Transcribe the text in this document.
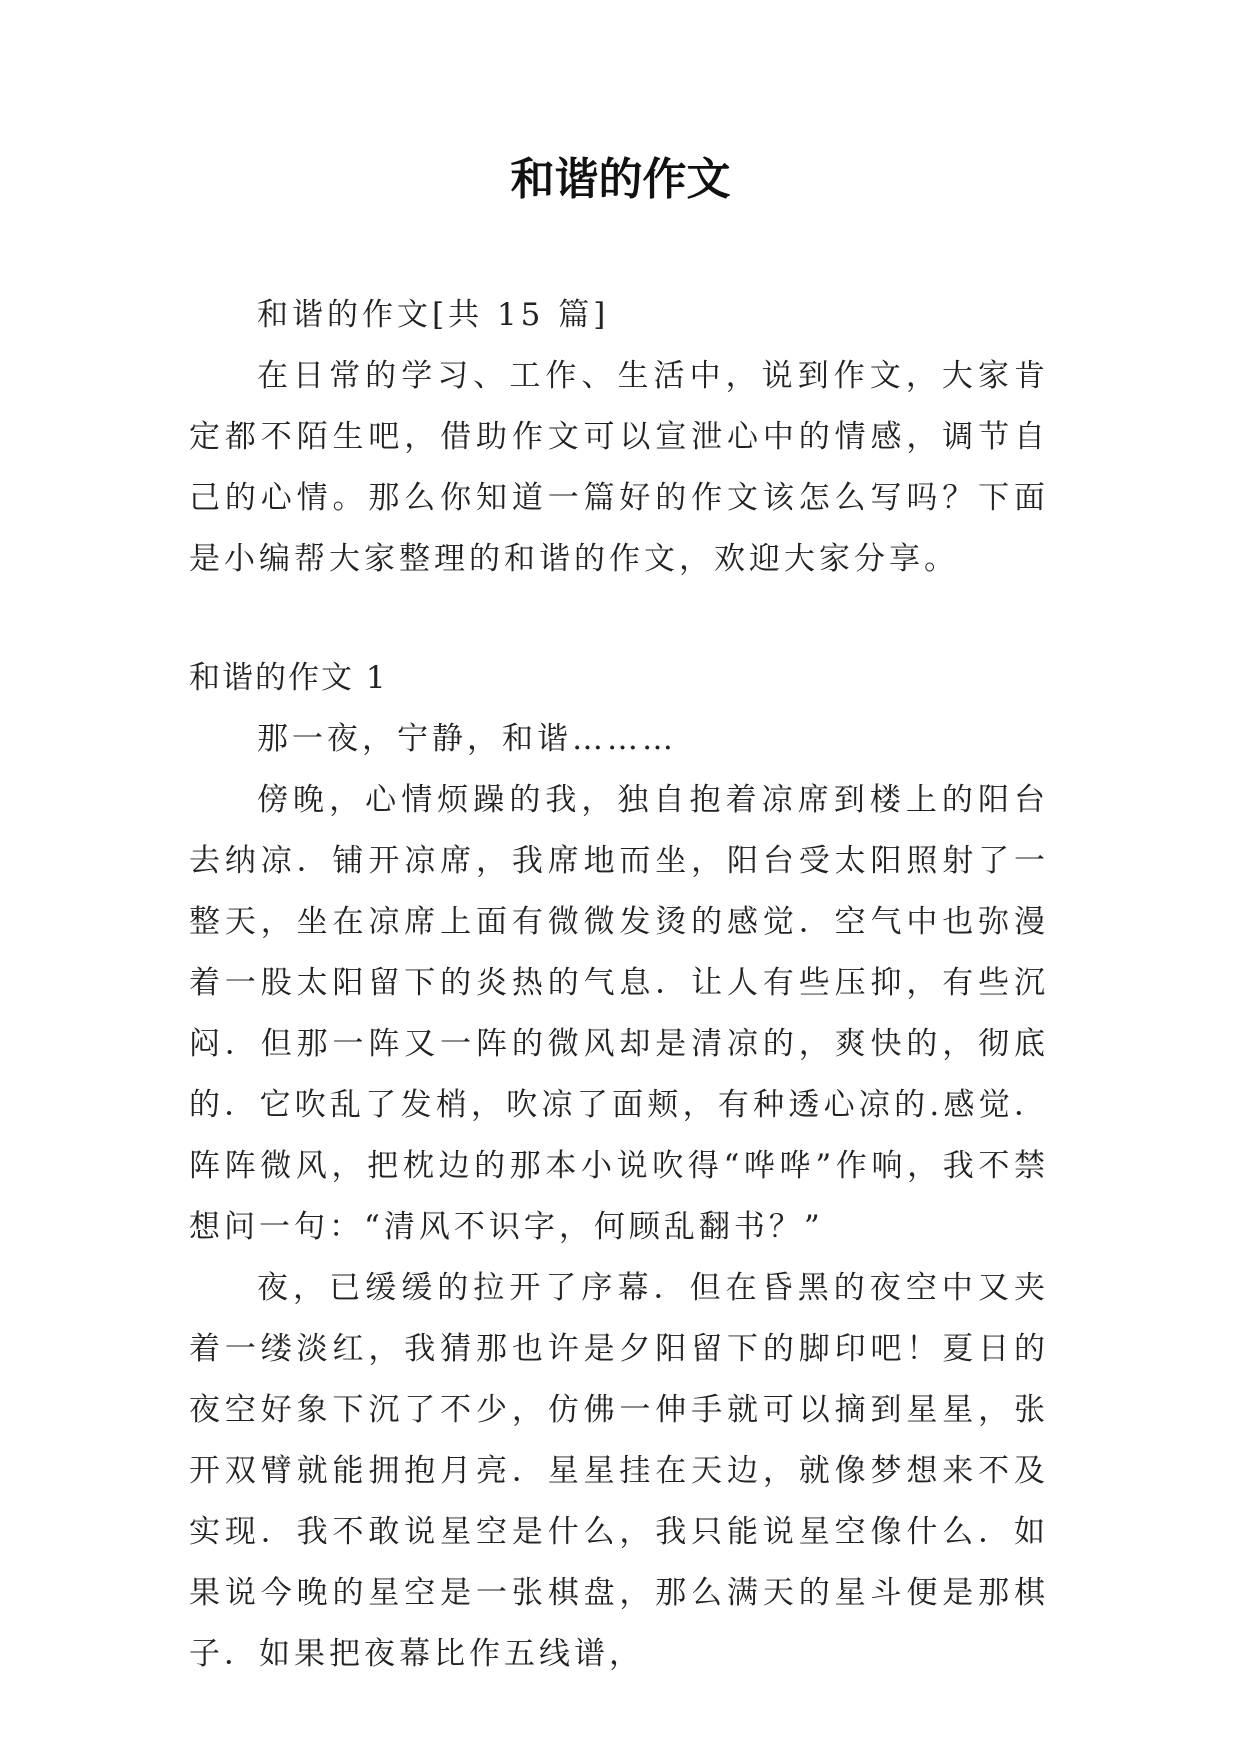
和谐的作文

和谐的作文[共 15 篇]

在日常的学习、工作、生活中，说到作文，大家肯定都不陌生吧，借助作文可以宣泄心中的情感，调节自己的心情。那么你知道一篇好的作文该怎么写吗？下面是小编帮大家整理的和谐的作文，欢迎大家分享。

和谐的作文 1

那一夜，宁静，和谐………

傍晚，心情烦躁的我，独自抱着凉席到楼上的阳台去纳凉．铺开凉席，我席地而坐，阳台受太阳照射了一整天，坐在凉席上面有微微发烫的感觉．空气中也弥漫着一股太阳留下的炎热的气息．让人有些压抑，有些沉闷．但那一阵又一阵的微风却是清凉的，爽快的，彻底的．它吹乱了发梢，吹凉了面颊，有种透心凉的.感觉．阵阵微风，把枕边的那本小说吹得“哗哗”作响，我不禁想问一句：“清风不识字，何顾乱翻书？”

夜，已缓缓的拉开了序幕．但在昏黑的夜空中又夹着一缕淡红，我猜那也许是夕阳留下的脚印吧！夏日的夜空好象下沉了不少，仿佛一伸手就可以摘到星星，张开双臂就能拥抱月亮．星星挂在天边，就像梦想来不及实现．我不敢说星空是什么，我只能说星空像什么．如果说今晚的星空是一张棋盘，那么满天的星斗便是那棋子．如果把夜幕比作五线谱，
